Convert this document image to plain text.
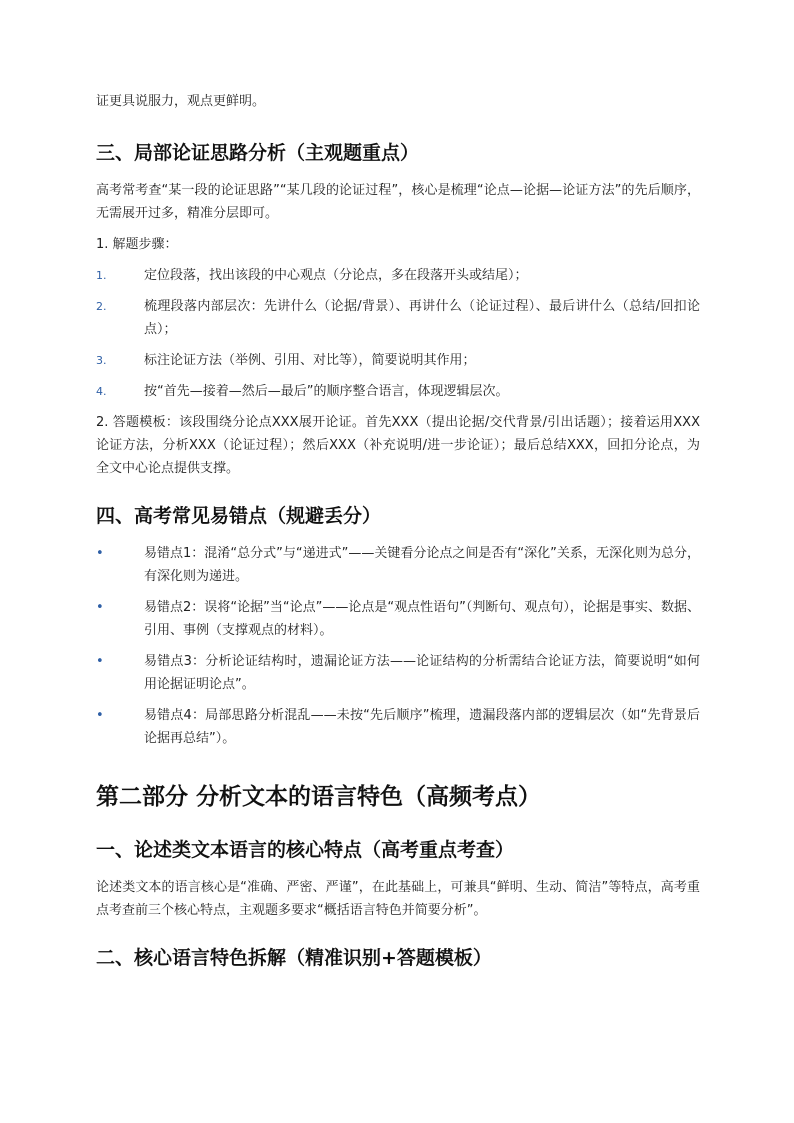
证更具说服力，观点更鲜明。

三、局部论证思路分析（主观题重点）

高考常考查“某一段的论证思路”“某几段的论证过程”，核心是梳理“论点—论据—论证方法”的先后顺序，无需展开过多，精准分层即可。

1. 解题步骤：

1.	定位段落，找出该段的中心观点（分论点，多在段落开头或结尾）；
2.	梳理段落内部层次：先讲什么（论据/背景）、再讲什么（论证过程）、最后讲什么（总结/回扣论点）；
3.	标注论证方法（举例、引用、对比等），简要说明其作用；
4.	按“首先—接着—然后—最后”的顺序整合语言，体现逻辑层次。

2. 答题模板：该段围绕分论点XXX展开论证。首先XXX（提出论据/交代背景/引出话题）；接着运用XXX论证方法，分析XXX（论证过程）；然后XXX（补充说明/进一步论证）；最后总结XXX，回扣分论点，为全文中心论点提供支撑。

四、高考常见易错点（规避丢分）
•	易错点1：混淆“总分式”与“递进式”——关键看分论点之间是否有“深化”关系，无深化则为总分，有深化则为递进。
•	易错点2：误将“论据”当“论点”——论点是“观点性语句”（判断句、观点句），论据是事实、数据、引用、事例（支撑观点的材料）。
•	易错点3：分析论证结构时，遗漏论证方法——论证结构的分析需结合论证方法，简要说明“如何用论据证明论点”。
•	易错点4：局部思路分析混乱——未按“先后顺序”梳理，遗漏段落内部的逻辑层次（如“先背景后论据再总结”）。
第二部分 分析文本的语言特色（高频考点）
一、论述类文本语言的核心特点（高考重点考查）

论述类文本的语言核心是“准确、严密、严谨”，在此基础上，可兼具“鲜明、生动、简洁”等特点，高考重点考查前三个核心特点，主观题多要求“概括语言特色并简要分析”。

二、核心语言特色拆解（精准识别+答题模板）
